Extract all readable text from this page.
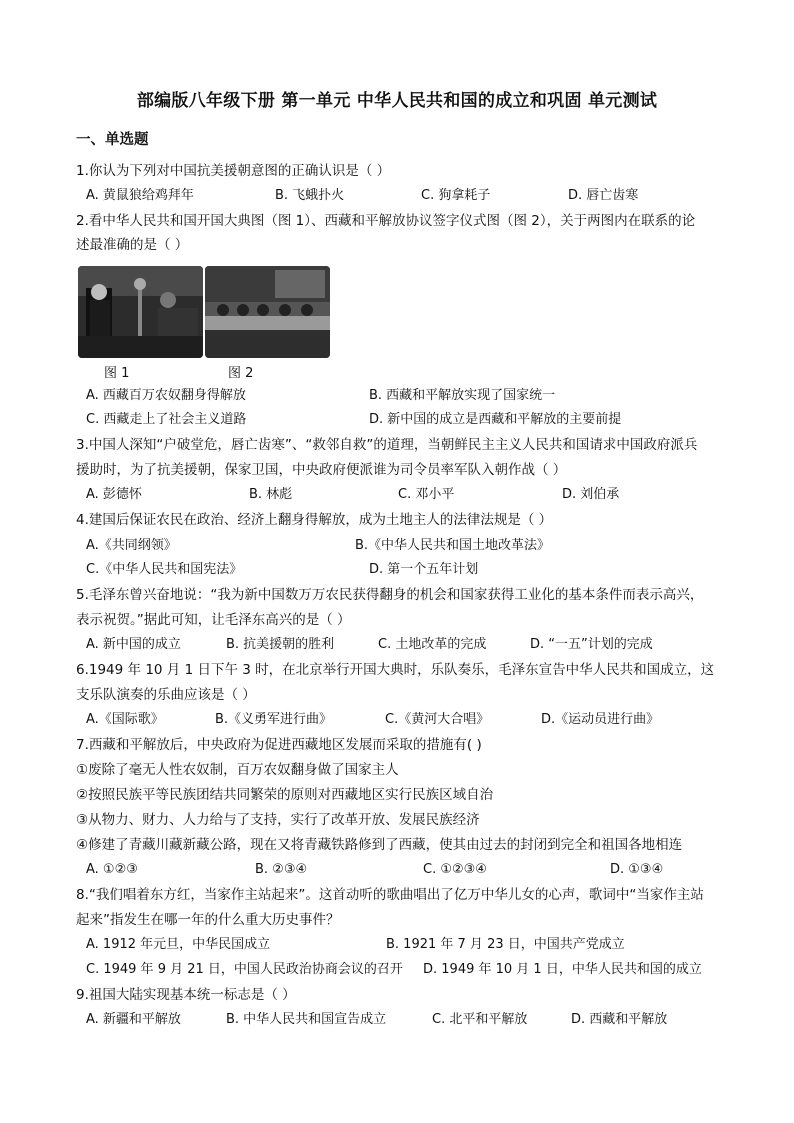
部编版八年级下册 第一单元 中华人民共和国的成立和巩固 单元测试
一、单选题
1.你认为下列对中国抗美援朝意图的正确认识是（ ）
A. 黄鼠狼给鸡拜年	B. 飞蛾扑火	C. 狗拿耗子	D. 唇亡齿寒
2.看中华人民共和国开国大典图（图 1）、西藏和平解放协议签字仪式图（图 2），关于两图内在联系的论
述最准确的是（ ）
图 1	图 2
A. 西藏百万农奴翻身得解放	B. 西藏和平解放实现了国家统一
C. 西藏走上了社会主义道路	D. 新中国的成立是西藏和平解放的主要前提
3.中国人深知“户破堂危，唇亡齿寒”、“救邻自救”的道理，当朝鲜民主主义人民共和国请求中国政府派兵
援助时，为了抗美援朝，保家卫国，中央政府便派谁为司令员率军队入朝作战（ ）
A. 彭德怀	B. 林彪	C. 邓小平	D. 刘伯承
4.建国后保证农民在政治、经济上翻身得解放，成为土地主人的法律法规是（ ）
A.《共同纲领》	B.《中华人民共和国土地改革法》
C.《中华人民共和国宪法》	D. 第一个五年计划
5.毛泽东曾兴奋地说：“我为新中国数万万农民获得翻身的机会和国家获得工业化的基本条件而表示高兴，
表示祝贺。”据此可知，让毛泽东高兴的是（ ）
A. 新中国的成立	B. 抗美援朝的胜利	C. 土地改革的完成	D. “一五”计划的完成
6.1949 年 10 月 1 日下午 3 时，在北京举行开国大典时，乐队奏乐，毛泽东宣告中华人民共和国成立，这
支乐队演奏的乐曲应该是（ ）
A.《国际歌》	B.《义勇军进行曲》	C.《黄河大合唱》	D.《运动员进行曲》
7.西藏和平解放后，中央政府为促进西藏地区发展而采取的措施有( )
①废除了毫无人性农奴制，百万农奴翻身做了国家主人
②按照民族平等民族团结共同繁荣的原则对西藏地区实行民族区域自治
③从物力、财力、人力给与了支持，实行了改革开放、发展民族经济
④修建了青藏川藏新藏公路，现在又将青藏铁路修到了西藏，使其由过去的封闭到完全和祖国各地相连
A. ①②③	B. ②③④	C. ①②③④	D. ①③④
8.“我们唱着东方红，当家作主站起来”。这首动听的歌曲唱出了亿万中华儿女的心声，歌词中“当家作主站
起来”指发生在哪一年的什么重大历史事件？
A. 1912 年元旦，中华民国成立	B. 1921 年 7 月 23 日，中国共产党成立
C. 1949 年 9 月 21 日，中国人民政治协商会议的召开 D. 1949 年 10 月 1 日，中华人民共和国的成立
9.祖国大陆实现基本统一标志是（ ）
A. 新疆和平解放	B. 中华人民共和国宣告成立	C. 北平和平解放	D. 西藏和平解放
